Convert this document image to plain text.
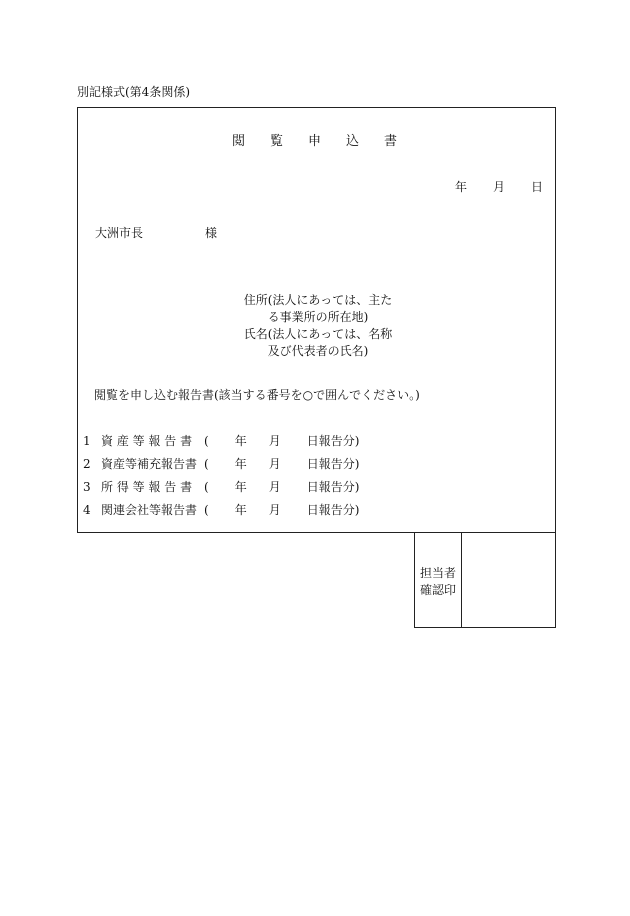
別記様式(第4条関係)
閲 覧 申 込 書
年 月 日
大洲市長	様
住所(法人にあっては、主た
る事業所の所在地)
氏名(法人にあっては、名称
及び代表者の氏名)
閲覧を申し込む報告書(該当する番号を○で囲んでください。)
1 資 産 等 報 告 書 ( 年 月 日報告分)
2 資産等補充報告書 ( 年 月 日報告分)
3 所 得 等 報 告 書 ( 年 月 日報告分)
4 関連会社等報告書 ( 年 月 日報告分)
担当者
確認印
